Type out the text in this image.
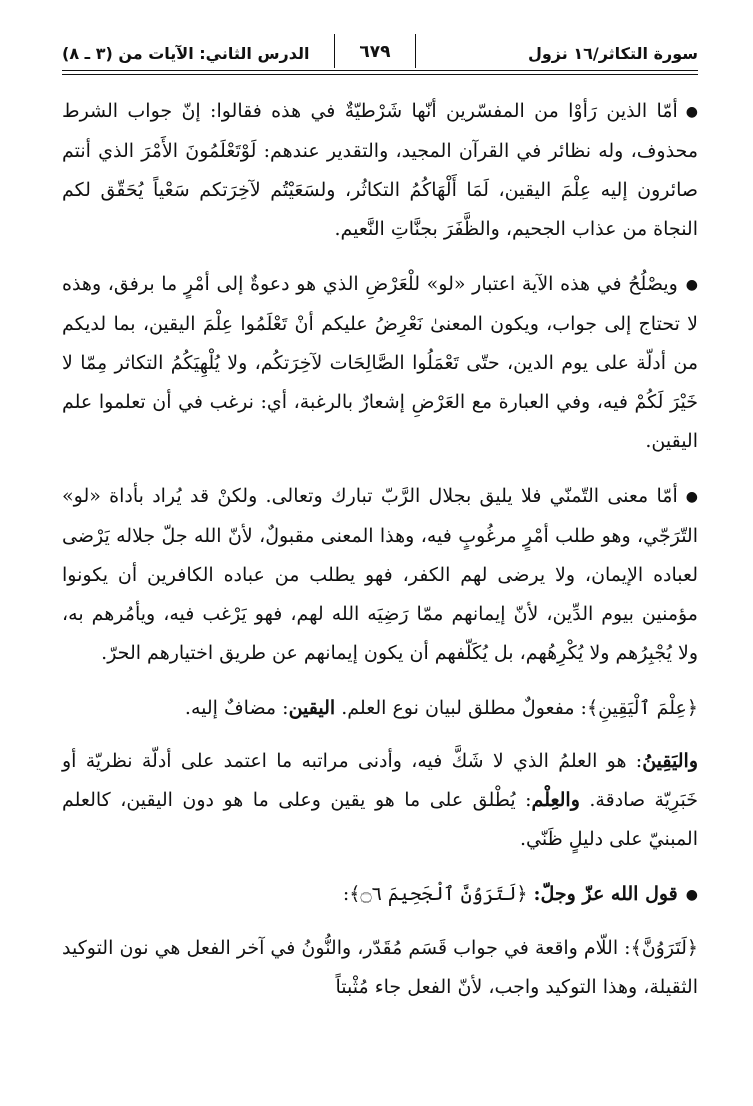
سورة التكاثر/١٦ نزول
٦٧٩
الدرس الثاني: الآيات من (٣ ـ ٨)

●أمّا الذين رَأوْا من المفسّرين أنّها شَرْطيّةٌ في هذه فقالوا: إنّ جواب الشرط محذوف، وله نظائر في القرآن المجيد، والتقدير عندهم: لَوْتَعْلَمُونَ الأَمْرَ الذي أنتم صائرون إليه عِلْمَ اليقين، لَمَا أَلْهَاكُمُ التكاثُر، ولسَعَيْتُم لآخِرَتكم سَعْياً يُحَقّق لكم النجاة من عذاب الجحيم، والظَّفَرَ بجنَّاتِ النَّعيم.

●ويصْلُحُ في هذه الآية اعتبار «لو» للْعَرْضِ الذي هو دعوةٌ إلى أمْرٍ ما برفق، وهذه لا تحتاج إلى جواب، ويكون المعنىٰ نَعْرِضُ عليكم أنْ تَعْلَمُوا عِلْمَ اليقين، بما لديكم من أدلّة على يوم الدين، حتّى تَعْمَلُوا الصَّالِحَات لآخِرَتكُم، ولا يُلْهِيَكُمُ التكاثر مِمّا لا خَيْرَ لَكُمْ فيه، وفي العبارة مع العَرْضِ إشعارٌ بالرغبة، أي: نرغب في أن تعلموا علم اليقين.

●أمّا معنى التّمنّي فلا يليق بجلال الرَّبّ تبارك وتعالى. ولكنْ قد يُراد بأداة «لو» التّرَجّي، وهو طلب أمْرٍ مرغُوبٍ فيه، وهذا المعنى مقبولٌ، لأنّ الله جلّ جلاله يَرْضى لعباده الإيمان، ولا يرضى لهم الكفر، فهو يطلب من عباده الكافرين أن يكونوا مؤمنين بيوم الدِّين، لأنّ إيمانهم ممّا رَضِيَه الله لهم، فهو يَرْغب فيه، ويأمُرهم به، ولا يُجْبِرُهم ولا يُكْرِهُهم، بل يُكَلّفهم أن يكون إيمانهم عن طريق اختيارهم الحرّ.

﴿عِلْمَ ٱلْيَقِينِ﴾: مفعولٌ مطلق لبيان نوع العلم. اليقين: مضافٌ إليه.

واليَقِينُ: هو العلمُ الذي لا شَكَّ فيه، وأدنى مراتبه ما اعتمد على أدلّة نظريّة أو خَبَرِيّة صادقة. والعِلْم: يُطْلق على ما هو يقين وعلى ما هو دون اليقين، كالعلم المبنيّ على دليلٍ ظَنّي.

●قول الله عزّ وجلّ: ﴿لَتَرَوُنَّ ٱلْجَحِيمَ ۝٦﴾:

﴿لَتَرَوُنَّ﴾: اللّام واقعة في جواب قَسَم مُقَدّر، والنُّونُ في آخر الفعل هي نون التوكيد الثقيلة، وهذا التوكيد واجب، لأنّ الفعل جاء مُثْبتاً
